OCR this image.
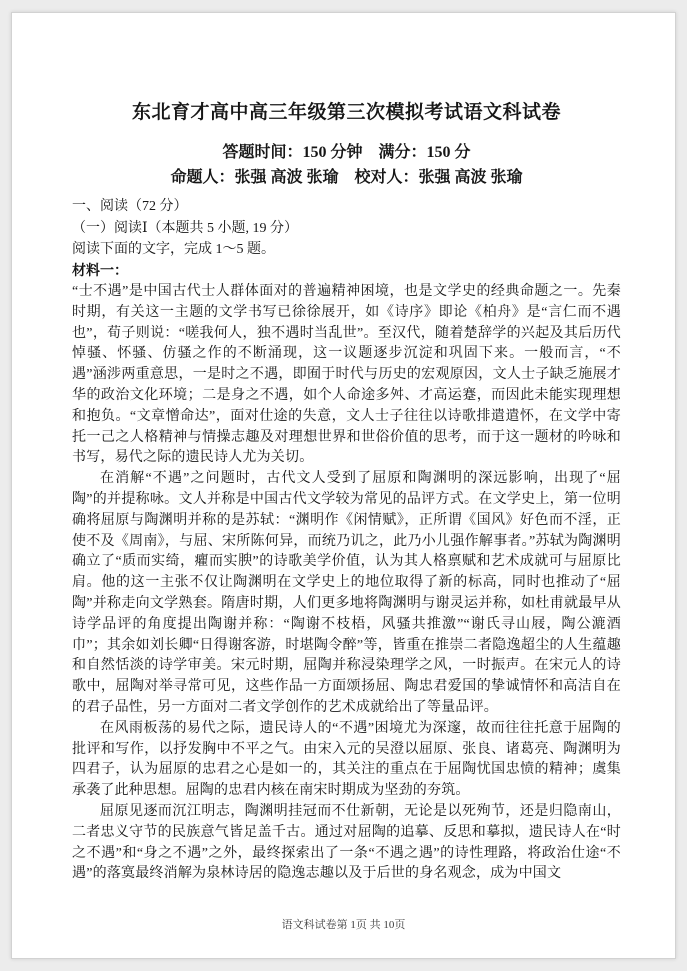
东北育才高中高三年级第三次模拟考试语文科试卷
答题时间：150 分钟　满分：150 分
命题人：张强 高波 张瑜　校对人：张强 高波 张瑜
一、阅读（72 分）
（一）阅读Ⅰ（本题共 5 小题, 19 分）
阅读下面的文字，完成 1～5 题。
材料一：

“士不遇”是中国古代士人群体面对的普遍精神困境，也是文学史的经典命题之一。先秦时期，有关这一主题的文学书写已徐徐展开，如《诗序》即论《柏舟》是“言仁而不遇也”，荀子则说：“嗟我何人，独不遇时当乱世”。至汉代，随着楚辞学的兴起及其后历代悼骚、怀骚、仿骚之作的不断涌现，这一议题逐步沉淀和巩固下来。一般而言，“不遇”涵涉两重意思，一是时之不遇，即囿于时代与历史的宏观原因，文人士子缺乏施展才华的政治文化环境；二是身之不遇，如个人命途多舛、才高运蹇，而因此未能实现理想和抱负。“文章憎命达”，面对仕途的失意，文人士子往往以诗歌排遣遣怀，在文学中寄托一己之人格精神与情操志趣及对理想世界和世俗价值的思考，而于这一题材的吟咏和书写，易代之际的遗民诗人尤为关切。

在消解“不遇”之问题时，古代文人受到了屈原和陶渊明的深远影响，出现了“屈陶”的并提称咏。文人并称是中国古代文学较为常见的品评方式。在文学史上，第一位明确将屈原与陶渊明并称的是苏轼：“渊明作《闲情赋》，正所谓《国风》好色而不淫，正使不及《周南》，与屈、宋所陈何异，而统乃讥之，此乃小儿强作解事者。”苏轼为陶渊明确立了“质而实绮，癯而实腴”的诗歌美学价值，认为其人格禀赋和艺术成就可与屈原比肩。他的这一主张不仅让陶渊明在文学史上的地位取得了新的标高，同时也推动了“屈陶”并称走向文学熟套。隋唐时期，人们更多地将陶渊明与谢灵运并称，如杜甫就最早从诗学品评的角度提出陶谢并称：“陶谢不枝梧，风骚共推激”“谢氏寻山屐，陶公漉酒巾”；其余如刘长卿“日得谢客游，时堪陶令醉”等，皆重在推崇二者隐逸超尘的人生蕴趣和自然恬淡的诗学审美。宋元时期，屈陶并称浸染理学之风，一时振声。在宋元人的诗歌中，屈陶对举寻常可见，这些作品一方面颂扬屈、陶忠君爱国的挚诚情怀和高洁自在的君子品性，另一方面对二者文学创作的艺术成就给出了等量品评。

在风雨板荡的易代之际，遗民诗人的“不遇”困境尤为深邃，故而往往托意于屈陶的批评和写作，以抒发胸中不平之气。由宋入元的吴澄以屈原、张良、诸葛亮、陶渊明为四君子，认为屈原的忠君之心是如一的，其关注的重点在于屈陶忧国忠愤的精神；虞集承袭了此种思想。屈陶的忠君内核在南宋时期成为坚劲的夯筑。

屈原见逐而沉江明志，陶渊明挂冠而不仕新朝，无论是以死殉节，还是归隐南山，二者忠义守节的民族意气皆足盖千古。通过对屈陶的追摹、反思和摹拟，遗民诗人在“时之不遇”和“身之不遇”之外，最终探索出了一条“不遇之遇”的诗性理路，将政治仕途“不遇”的落寞最终消解为泉林诗居的隐逸志趣以及于后世的身名观念，成为中国文

语文科试卷第 1页 共 10页
